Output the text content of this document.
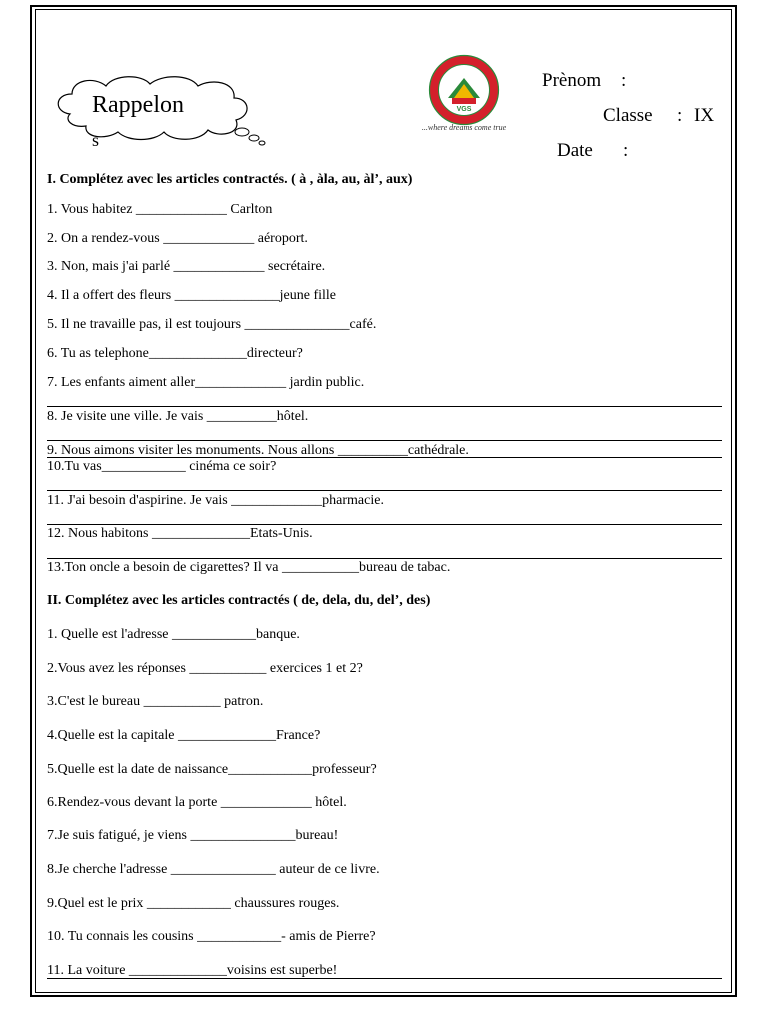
Rappelon
s
VGS
...where dreams come true
Prènom :
Classe : IX
Date :
I. Complétez avec les articles contractés. ( à , àla, au, àl’, aux)
1. Vous habitez _____________ Carlton
2. On a rendez-vous _____________ aéroport.
3. Non, mais j'ai parlé _____________ secrétaire.
4. Il a offert des fleurs _______________jeune fille
5. Il ne travaille pas, il est toujours _______________café.
6. Tu as telephone______________directeur?
7. Les enfants aiment aller_____________ jardin public.
8. Je visite une ville. Je vais __________hôtel.
9. Nous aimons visiter les monuments. Nous allons __________cathédrale.
10.Tu vas____________ cinéma ce soir?
11. J'ai besoin d'aspirine. Je vais _____________pharmacie.
12. Nous habitons ______________Etats-Unis.
13.Ton oncle a besoin de cigarettes? Il va ___________bureau de tabac.
II. Complétez avec les articles contractés ( de, dela, du, del’, des)
1. Quelle est l'adresse ____________banque.
2.Vous avez les réponses ___________ exercices 1 et 2?
3.C'est le bureau ___________ patron.
4.Quelle est la capitale ______________France?
5.Quelle est la date de naissance____________professeur?
6.Rendez-vous devant la porte _____________ hôtel.
7.Je suis fatigué, je viens _______________bureau!
8.Je cherche l'adresse _______________ auteur de ce livre.
9.Quel est le prix ____________ chaussures rouges.
10. Tu connais les cousins ____________- amis de Pierre?
11. La voiture ______________voisins est superbe!
